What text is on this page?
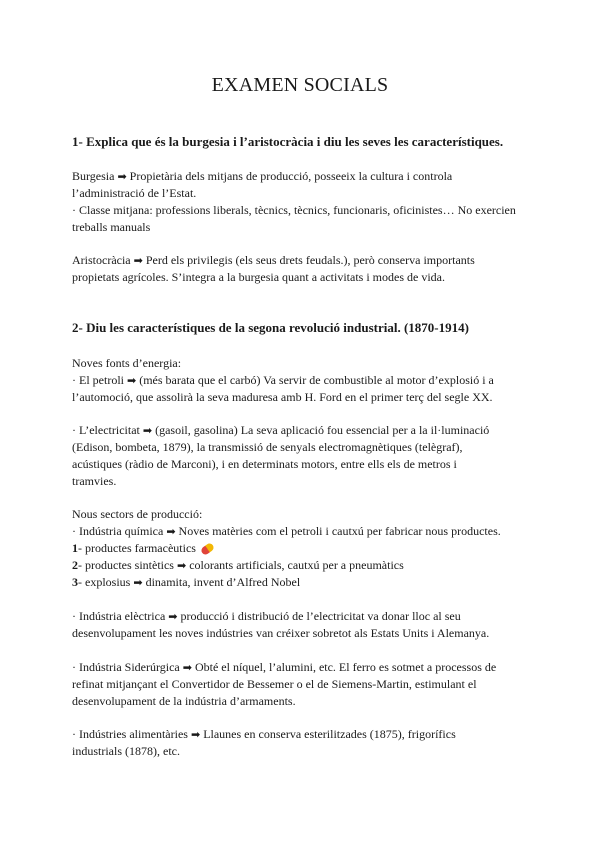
EXAMEN SOCIALS
1- Explica que és la burgesia i l’aristocràcia i diu les seves les característiques.
Burgesia ➡ Propietària dels mitjans de producció, posseeix la cultura i controla
l’administració de l’Estat.
· Classe mitjana: professions liberals, tècnics, tècnics, funcionaris, oficinistes… No exercien
treballs manuals
Aristocràcia ➡ Perd els privilegis (els seus drets feudals.), però conserva importants
propietats agrícoles. S’integra a la burgesia quant a activitats i modes de vida.
2- Diu les característiques de la segona revolució industrial. (1870-1914)
Noves fonts d’energia:
· El petroli ➡ (més barata que el carbó) Va servir de combustible al motor d’explosió i a
l’automoció, que assolirà la seva maduresa amb H. Ford en el primer terç del segle XX.
· L’electricitat ➡ (gasoil, gasolina) La seva aplicació fou essencial per a la il·luminació
(Edison, bombeta, 1879), la transmissió de senyals electromagnètiques (telègraf),
acústiques (ràdio de Marconi), i en determinats motors, entre ells els de metros i
tramvies.
Nous sectors de producció:
· Indústria química ➡ Noves matèries com el petroli i cautxú per fabricar nous productes.
1- productes farmacèutics
2- productes sintètics ➡ colorants artificials, cautxú per a pneumàtics
3- explosius ➡ dinamita, invent d’Alfred Nobel
· Indústria elèctrica ➡ producció i distribució de l’electricitat va donar lloc al seu
desenvolupament les noves indústries van créixer sobretot als Estats Units i Alemanya.
· Indústria Siderúrgica ➡ Obté el níquel, l’alumini, etc. El ferro es sotmet a processos de
refinat mitjançant el Convertidor de Bessemer o el de Siemens-Martin, estimulant el
desenvolupament de la indústria d’armaments.
· Indústries alimentàries ➡ Llaunes en conserva esterilitzades (1875), frigorífics
industrials (1878), etc.
